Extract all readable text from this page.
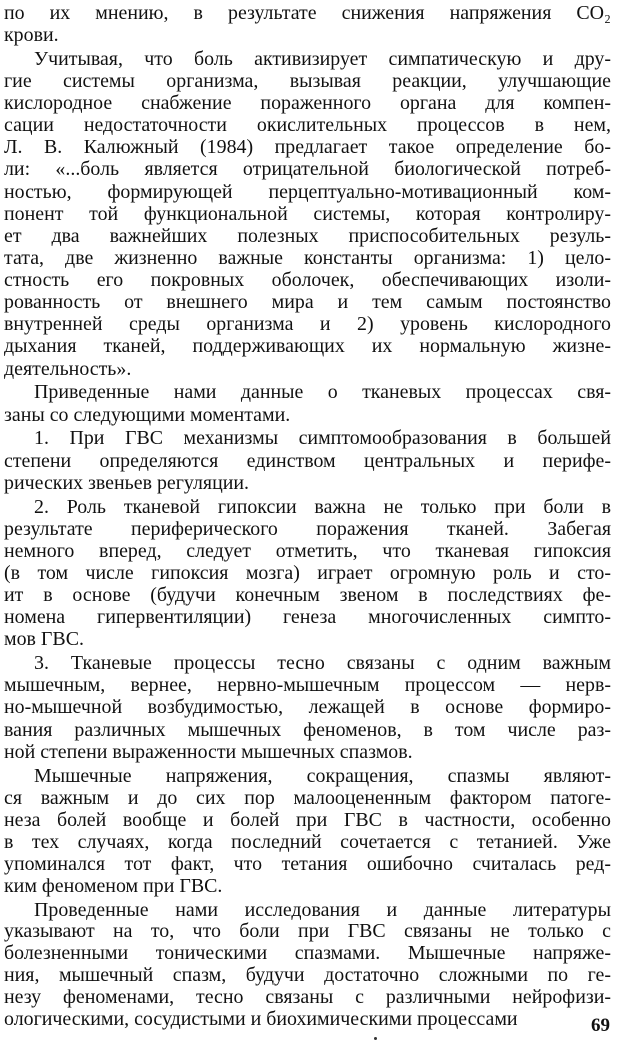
по их мнению, в результате снижения напряжения CO₂
крови.
Учитывая, что боль активизирует симпатическую и дру-
гие системы организма, вызывая реакции, улучшающие
кислородное снабжение пораженного органа для компен-
сации недостаточности окислительных процессов в нем,
Л. В. Калюжный (1984) предлагает такое определение бо-
ли: «...боль является отрицательной биологической потреб-
ностью, формирующей перцептуально-мотивационный ком-
понент той функциональной системы, которая контролиру-
ет два важнейших полезных приспособительных резуль-
тата, две жизненно важные константы организма: 1) цело-
стность его покровных оболочек, обеспечивающих изоли-
рованность от внешнего мира и тем самым постоянство
внутренней среды организма и 2) уровень кислородного
дыхания тканей, поддерживающих их нормальную жизне-
деятельность».
Приведенные нами данные о тканевых процессах свя-
заны со следующими моментами.
1. При ГВС механизмы симптомообразования в большей
степени определяются единством центральных и перифе-
рических звеньев регуляции.
2. Роль тканевой гипоксии важна не только при боли в
результате периферического поражения тканей. Забегая
немного вперед, следует отметить, что тканевая гипоксия
(в том числе гипоксия мозга) играет огромную роль и сто-
ит в основе (будучи конечным звеном в последствиях фе-
номена гипервентиляции) генеза многочисленных симпто-
мов ГВС.
3. Тканевые процессы тесно связаны с одним важным
мышечным, вернее, нервно-мышечным процессом — нерв-
но-мышечной возбудимостью, лежащей в основе формиро-
вания различных мышечных феноменов, в том числе раз-
ной степени выраженности мышечных спазмов.
Мышечные напряжения, сокращения, спазмы являют-
ся важным и до сих пор малооцененным фактором патоге-
неза болей вообще и болей при ГВС в частности, особенно
в тех случаях, когда последний сочетается с тетанией. Уже
упоминался тот факт, что тетания ошибочно считалась ред-
ким феноменом при ГВС.
Проведенные нами исследования и данные литературы
указывают на то, что боли при ГВС связаны не только с
болезненными тоническими спазмами. Мышечные напряже-
ния, мышечный спазм, будучи достаточно сложными по ге-
незу феноменами, тесно связаны с различными нейрофизи-
ологическими, сосудистыми и биохимическими процессами	69
